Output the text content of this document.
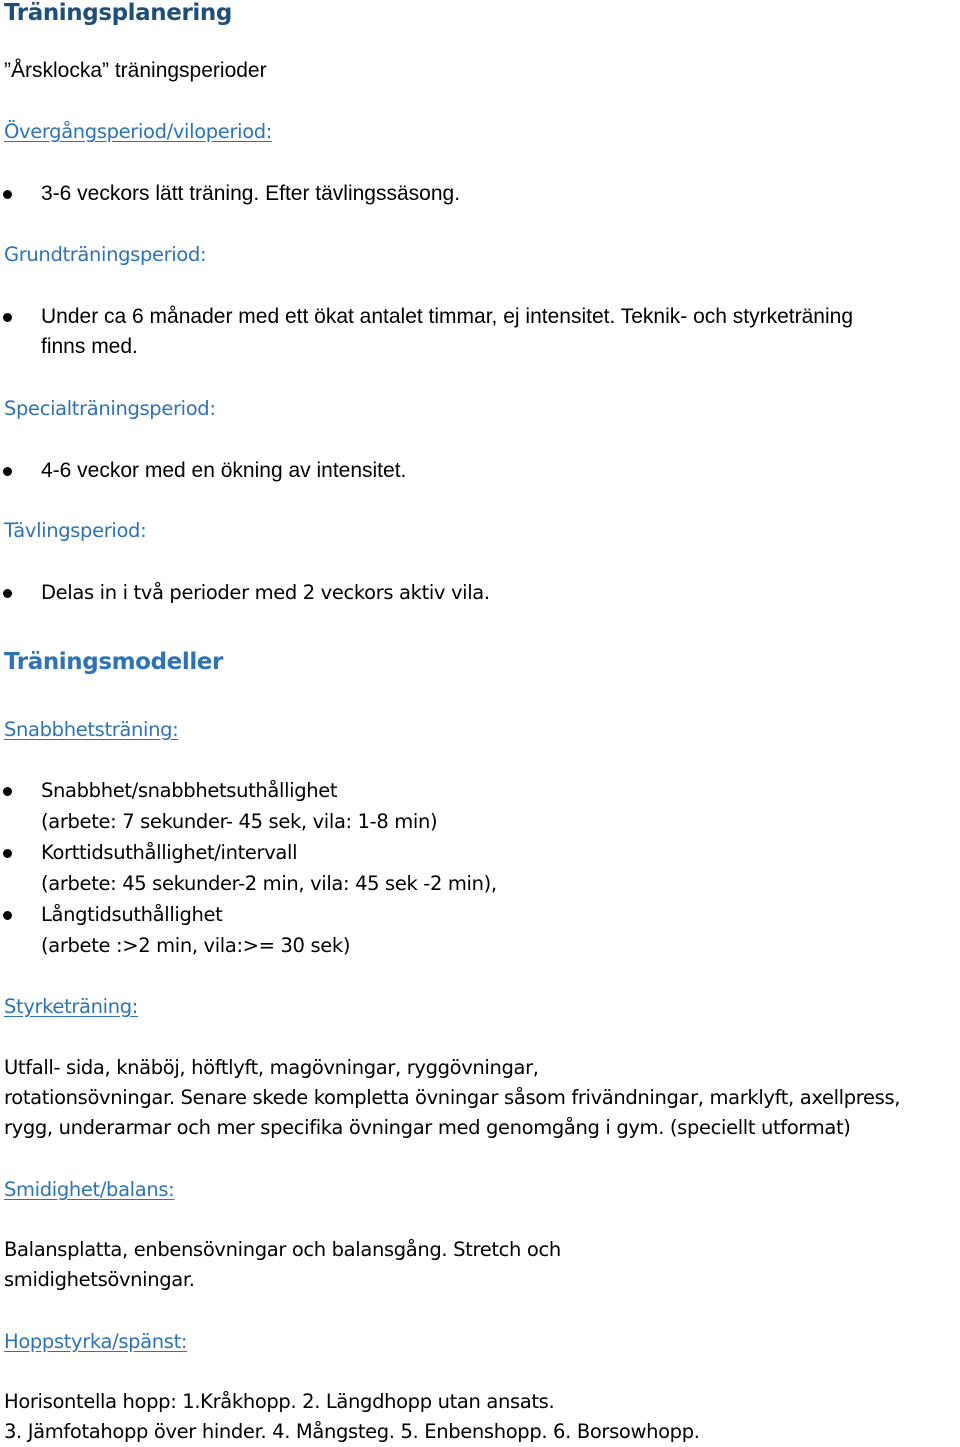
Träningsplanering
”Årsklocka” träningsperioder
Övergångsperiod/viloperiod:
3-6 veckors lätt träning. Efter tävlingssäsong.
Grundträningsperiod:
Under ca 6 månader med ett ökat antalet timmar, ej intensitet. Teknik- och styrketräning
finns med.
Specialträningsperiod:
4-6 veckor med en ökning av intensitet.
Tävlingsperiod:
Delas in i två perioder med 2 veckors aktiv vila.
Träningsmodeller
Snabbhetsträning:
Snabbhet/snabbhetsuthållighet
(arbete: 7 sekunder- 45 sek, vila: 1-8 min)
Korttidsuthållighet/intervall
(arbete: 45 sekunder-2 min, vila: 45 sek -2 min),
Långtidsuthållighet
(arbete :>2 min, vila:>= 30 sek)
Styrketräning:
Utfall- sida, knäböj, höftlyft, magövningar, ryggövningar,
rotationsövningar. Senare skede kompletta övningar såsom frivändningar, marklyft, axellpress,
rygg, underarmar och mer specifika övningar med genomgång i gym. (speciellt utformat)
Smidighet/balans:
Balansplatta, enbensövningar och balansgång. Stretch och
smidighetsövningar.
Hoppstyrka/spänst:
Horisontella hopp: 1.Kråkhopp. 2. Längdhopp utan ansats.
3. Jämfotahopp över hinder. 4. Mångsteg. 5. Enbenshopp. 6. Borsowhopp.
